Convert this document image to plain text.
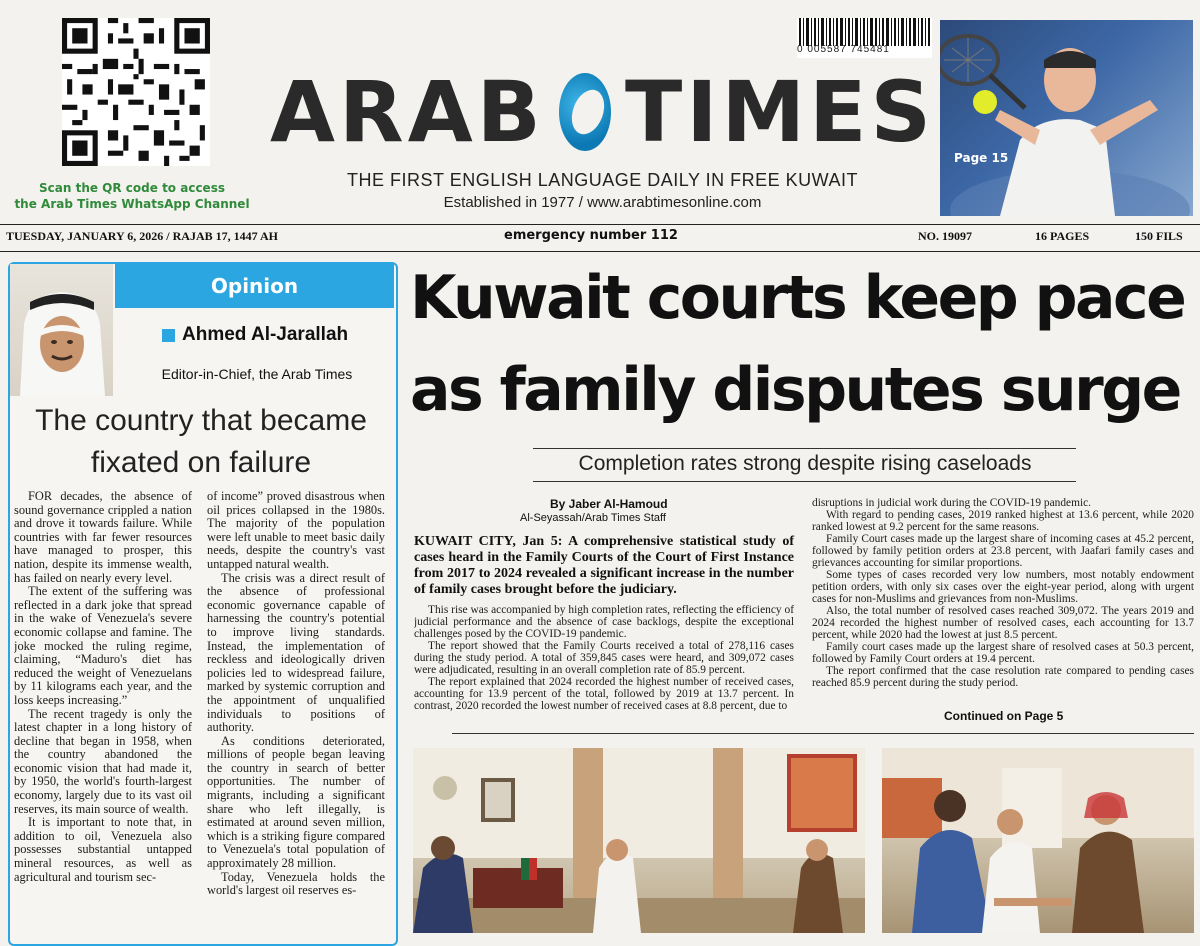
Scan the QR code to access
the Arab Times WhatsApp Channel
ARAB TIMES
THE FIRST ENGLISH LANGUAGE DAILY IN FREE KUWAIT
Established in 1977 / www.arabtimesonline.com
0 005587 745481
Page 15
TUESDAY, JANUARY 6, 2026 / RAJAB 17, 1447 AH	emergency number 112	NO. 19097	16 PAGES	150 FILS
Opinion
Ahmed Al-Jarallah
Editor-in-Chief, the Arab Times
The country that became
fixated on failure

FOR decades, the absence of sound governance crippled a nation and drove it towards failure. While countries with far fewer resources have managed to prosper, this nation, despite its immense wealth, has failed on nearly every level.

The extent of the suffering was reflected in a dark joke that spread in the wake of Venezuela's severe economic collapse and famine. The joke mocked the ruling regime, claiming, “Maduro's diet has reduced the weight of Venezuelans by 11 kilograms each year, and the loss keeps increasing.”

The recent tragedy is only the latest chapter in a long history of decline that began in 1958, when the country abandoned the economic vision that had made it, by 1950, the world's fourth-largest economy, largely due to its vast oil reserves, its main source of wealth.

It is important to note that, in addition to oil, Venezuela also possesses substantial untapped mineral resources, as well as agricultural and tourism sec-

of income” proved disastrous when oil prices collapsed in the 1980s. The majority of the population were left unable to meet basic daily needs, despite the country's vast untapped natural wealth.

The crisis was a direct result of the absence of professional economic governance capable of harnessing the country's potential to improve living standards. Instead, the implementation of reckless and ideologically driven policies led to widespread failure, marked by systemic corruption and the appointment of unqualified individuals to positions of authority.

As conditions deteriorated, millions of people began leaving the country in search of better opportunities. The number of migrants, including a significant share who left illegally, is estimated at around seven million, which is a striking figure compared to Venezuela's total population of approximately 28 million.

Today, Venezuela holds the world's largest oil reserves es-

Kuwait courts keep pace
as family disputes surge
Completion rates strong despite rising caseloads
By Jaber Al-Hamoud
Al-Seyassah/Arab Times Staff
KUWAIT CITY, Jan 5: A comprehensive statistical study of cases heard in the Family Courts of the Court of First Instance from 2017 to 2024 revealed a significant increase in the number of family cases brought before the judiciary.

This rise was accompanied by high completion rates, reflecting the efficiency of judicial performance and the absence of case backlogs, despite the exceptional challenges posed by the COVID-19 pandemic.

The report showed that the Family Courts received a total of 278,116 cases during the study period. A total of 359,845 cases were heard, and 309,072 cases were adjudicated, resulting in an overall completion rate of 85.9 percent.

The report explained that 2024 recorded the highest number of received cases, accounting for 13.9 percent of the total, followed by 2019 at 13.7 percent. In contrast, 2020 recorded the lowest number of received cases at 8.8 percent, due to

disruptions in judicial work during the COVID-19 pandemic.

With regard to pending cases, 2019 ranked highest at 13.6 percent, while 2020 ranked lowest at 9.2 percent for the same reasons.

Family Court cases made up the largest share of incoming cases at 45.2 percent, followed by family petition orders at 23.8 percent, with Jaafari family cases and grievances accounting for similar proportions.

Some types of cases recorded very low numbers, most notably endowment petition orders, with only six cases over the eight-year period, along with urgent cases for non-Muslims and grievances from non-Muslims.

Also, the total number of resolved cases reached 309,072. The years 2019 and 2024 recorded the highest number of resolved cases, each accounting for 13.7 percent, while 2020 had the lowest at just 8.5 percent.

Family court cases made up the largest share of resolved cases at 50.3 percent, followed by Family Court orders at 19.4 percent.

The report confirmed that the case resolution rate compared to pending cases reached 85.9 percent during the study period.

Continued on Page 5
